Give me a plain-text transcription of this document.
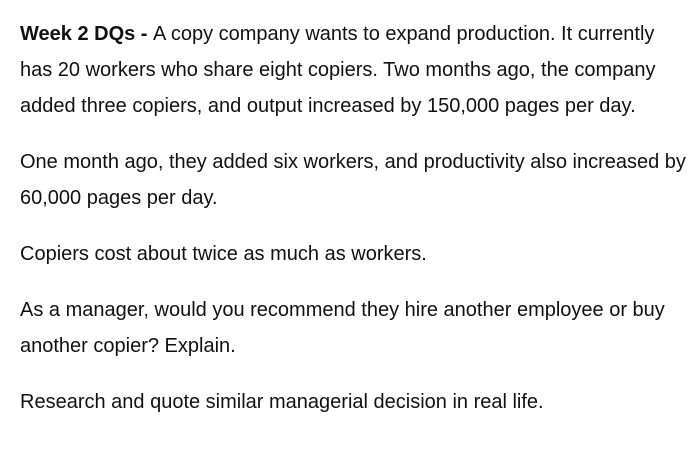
Week 2 DQs - A copy company wants to expand production. It currently has 20 workers who share eight copiers. Two months ago, the company added three copiers, and output increased by 150,000 pages per day.

One month ago, they added six workers, and productivity also increased by 60,000 pages per day.

Copiers cost about twice as much as workers.

As a manager, would you recommend they hire another employee or buy another copier? Explain.

Research and quote similar managerial decision in real life.
